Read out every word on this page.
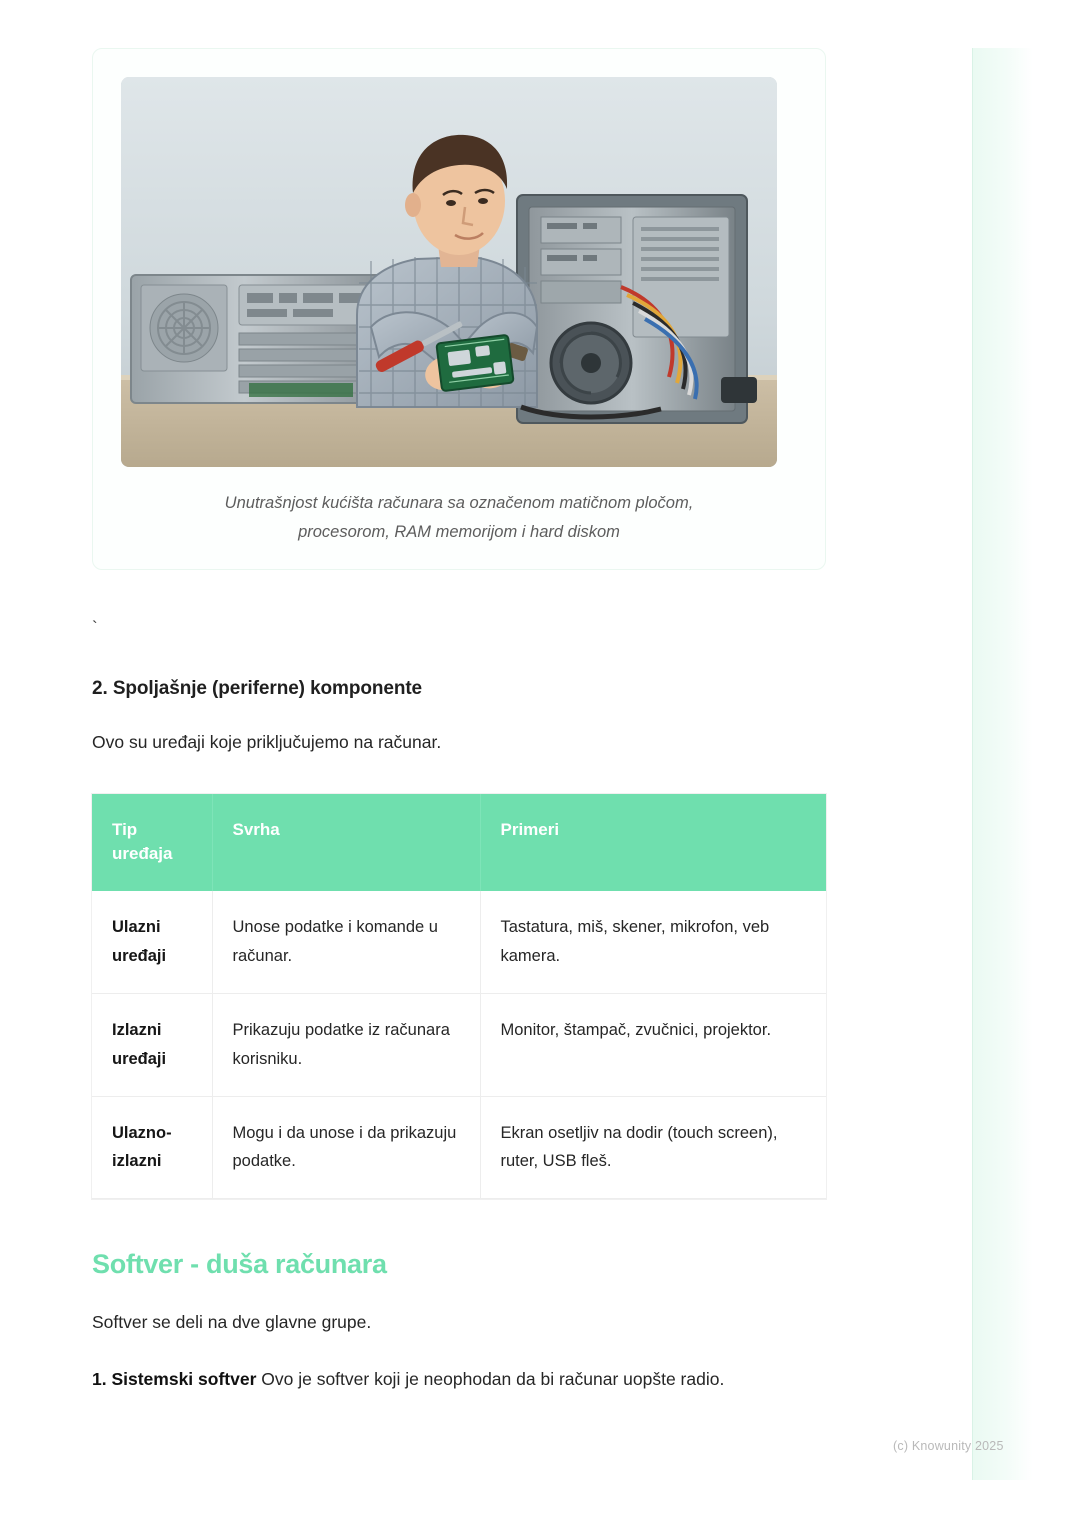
Unutrašnjost kućišta računara sa označenom matičnom pločom,
procesorom, RAM memorijom i hard diskom
`
2. Spoljašnje (periferne) komponente

Ovo su uređaji koje priključujemo na računar.

Tip uređaja	Svrha	Primeri
Ulazni uređaji	Unose podatke i komande u računar.	Tastatura, miš, skener, mikrofon, veb kamera.
Izlazni uređaji	Prikazuju podatke iz računara korisniku.	Monitor, štampač, zvučnici, projektor.
Ulazno-izlazni	Mogu i da unose i da prikazuju podatke.	Ekran osetljiv na dodir (touch screen), ruter, USB fleš.
Softver - duša računara

Softver se deli na dve glavne grupe.

1. Sistemski softver Ovo je softver koji je neophodan da bi računar uopšte radio.

(c) Knowunity 2025
